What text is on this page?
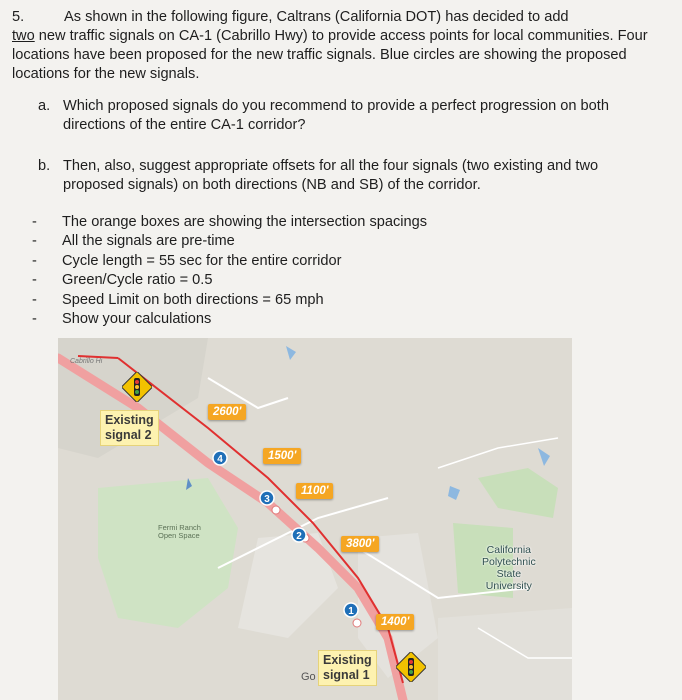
5.	As shown in the following figure, Caltrans (California DOT) has decided to add
two new traffic signals on CA-1 (Cabrillo Hwy) to provide access points for local communities. Four locations have been proposed for the new traffic signals. Blue circles are showing the proposed locations for the new signals.
a. Which proposed signals do you recommend to provide a perfect progression on both directions of the entire CA-1 corridor?
b. Then, also, suggest appropriate offsets for all the four signals (two existing and two proposed signals) on both directions (NB and SB) of the corridor.
- The orange boxes are showing the intersection spacings
- All the signals are pre-time
- Cycle length = 55 sec for the entire corridor
- Green/Cycle ratio = 0.5
- Speed Limit on both directions = 65 mph
- Show your calculations
Cabrillo Hi
2600'
1500'
1100'
3800'
1400'
Existing
signal 2
Existing
signal 1
Go
4
3
2
1
Fermi Ranch
Open Space
California
Polytechnic
State
University
